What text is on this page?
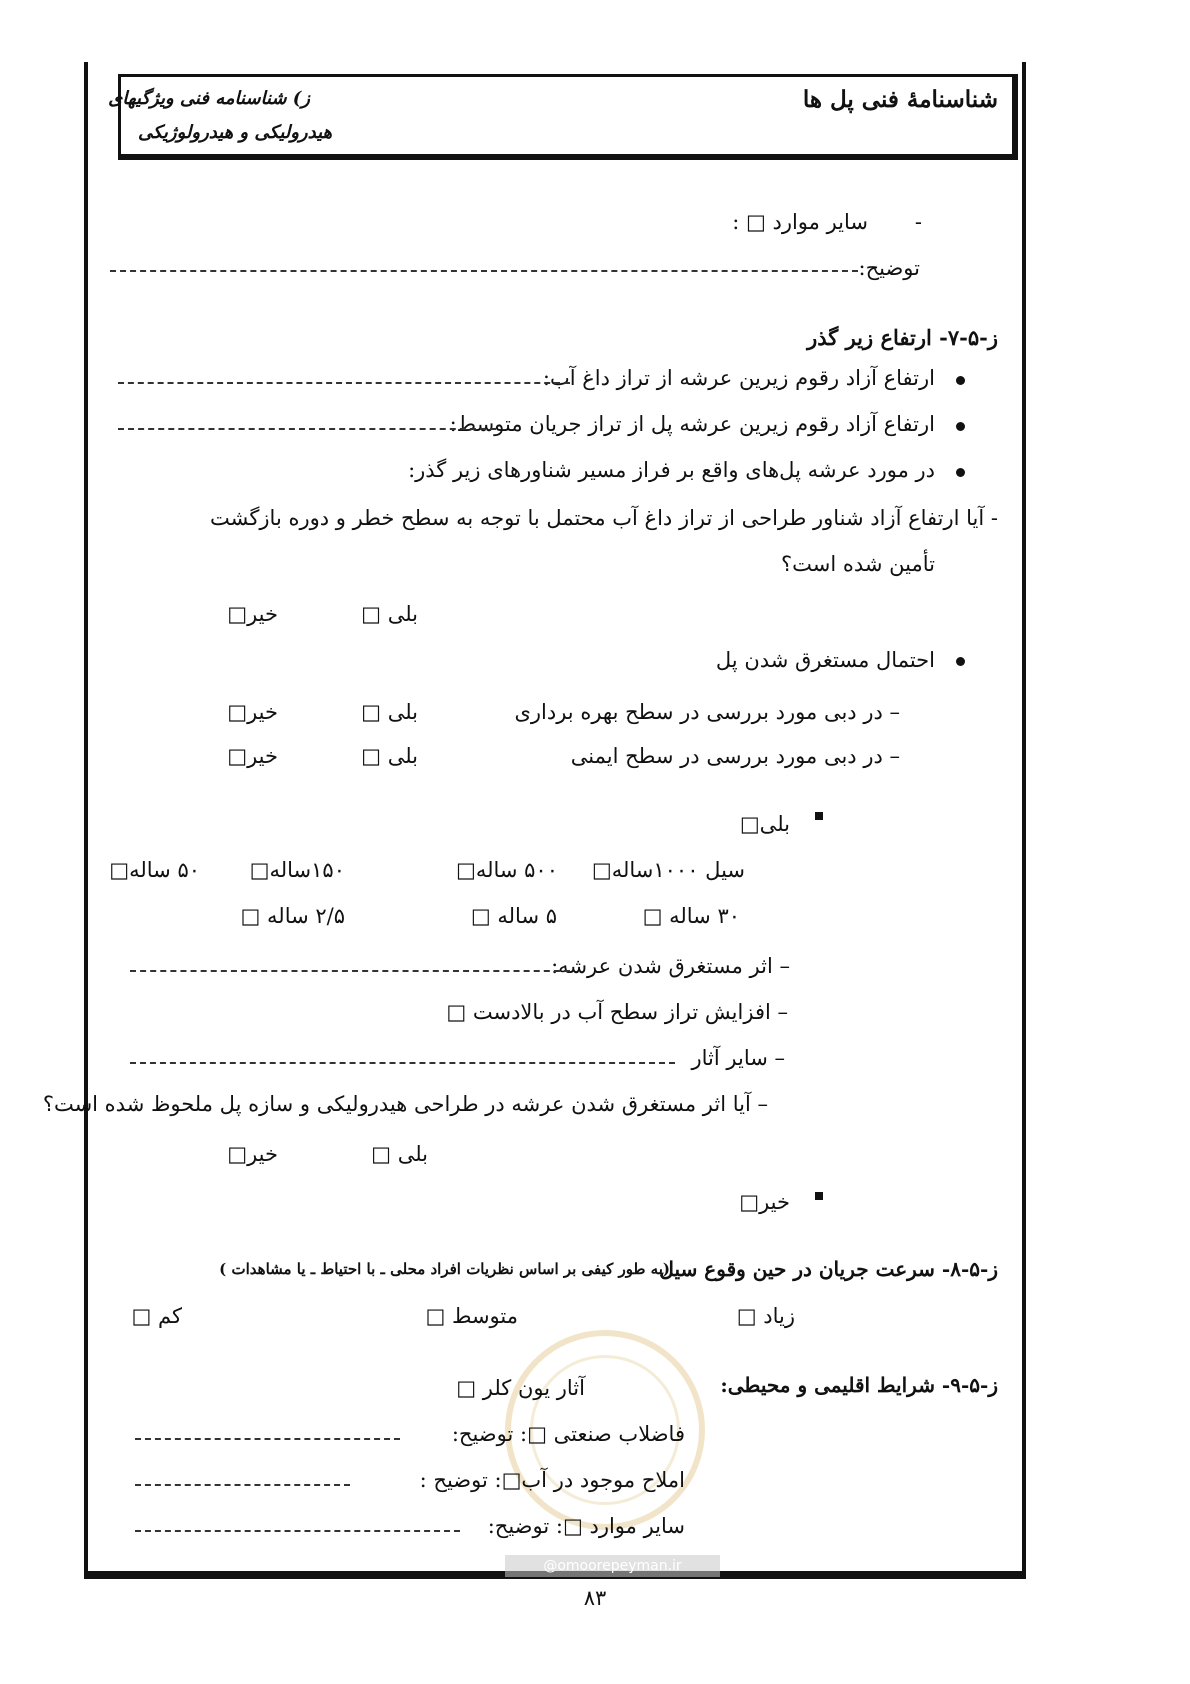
شناسنامۀ فنی پل ها
ز) شناسنامه فنی ویژگیهای
هیدرولیکی و هیدرولوژیکی
-
سایر موارد □ :
توضیح:
ز-۵-۷- ارتفاع زیر گذر
ارتفاع آزاد رقوم زیرین عرشه از تراز داغ آب:
ارتفاع آزاد رقوم زیرین عرشه پل از تراز جریان متوسط:
در مورد عرشه پل‌های واقع بر فراز مسیر شناورهای زیر گذر:
- آیا ارتفاع آزاد شناور طراحی از تراز داغ آب محتمل با توجه به سطح خطر و دوره بازگشت
تأمین شده است؟
بلی □
خیر□
احتمال مستغرق شدن پل
– در دبی مورد بررسی در سطح بهره برداری
بلی □
خیر□
– در دبی مورد بررسی در سطح ایمنی
بلی □
خیر□
بلی□
سیل ۱۰۰۰ساله□
۵۰۰ ساله□
۱۵۰ساله□
۵۰ ساله□
۳۰ ساله □
۵ ساله □
۲/۵ ساله □
– اثر مستغرق شدن عرشه:
– افزایش تراز سطح آب در بالادست □
– سایر آثار
– آیا اثر مستغرق شدن عرشه در طراحی هیدرولیکی و سازه پل ملحوظ شده است؟
بلی □
خیر□
خیر□
ز-۵-۸- سرعت جریان در حین وقوع سیل
(به طور کیفی بر اساس نظریات افراد محلی ـ با احتیاط ـ یا مشاهدات )
زیاد □
متوسط □
کم □
ز-۵-۹- شرایط اقلیمی و محیطی:
آثار یون کلر □
فاضلاب صنعتی □: توضیح:
املاح موجود در آب□: توضیح :
سایر موارد □: توضیح:
@omoorepeyman.ir
۸۳
